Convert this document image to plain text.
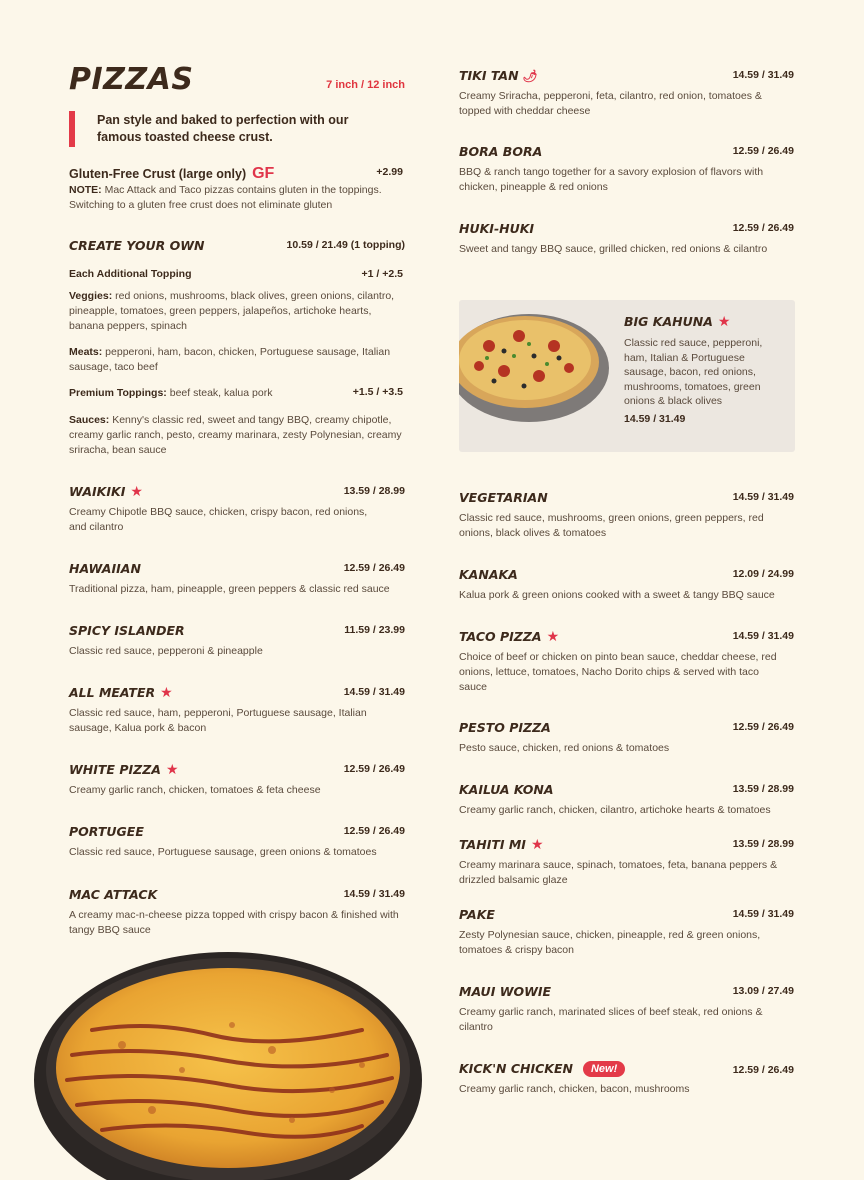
PIZZAS	7 inch / 12 inch
Pan style and baked to perfection with our famous toasted cheese crust.
Gluten-Free Crust (large only) GF	+2.99
NOTE: Mac Attack and Taco pizzas contains gluten in the toppings. Switching to a gluten free crust does not eliminate gluten
CREATE YOUR OWN	10.59 / 21.49 (1 topping)
Each Additional Topping	+1 / +2.5
Veggies: red onions, mushrooms, black olives, green onions, cilantro, pineapple, tomatoes, green peppers, jalapeños, artichoke hearts, banana peppers, spinach
Meats: pepperoni, ham, bacon, chicken, Portuguese sausage, Italian sausage, taco beef
Premium Toppings: beef steak, kalua pork	+1.5 / +3.5
Sauces: Kenny's classic red, sweet and tangy BBQ, creamy chipotle, creamy garlic ranch, pesto, creamy marinara, zesty Polynesian, creamy sriracha, bean sauce
WAIKIKI ★	13.59 / 28.99
Creamy Chipotle BBQ sauce, chicken, crispy bacon, red onions, and cilantro
HAWAIIAN	12.59 / 26.49
Traditional pizza, ham, pineapple, green peppers & classic red sauce
SPICY ISLANDER	11.59 / 23.99
Classic red sauce, pepperoni & pineapple
ALL MEATER ★	14.59 / 31.49
Classic red sauce, ham, pepperoni, Portuguese sausage, Italian sausage, Kalua pork & bacon
WHITE PIZZA ★	12.59 / 26.49
Creamy garlic ranch, chicken, tomatoes & feta cheese
PORTUGEE	12.59 / 26.49
Classic red sauce, Portuguese sausage, green onions & tomatoes
MAC ATTACK	14.59 / 31.49
A creamy mac-n-cheese pizza topped with crispy bacon & finished with tangy BBQ sauce
TIKI TAN 🌶	14.59 / 31.49
Creamy Sriracha, pepperoni, feta, cilantro, red onion, tomatoes & topped with cheddar cheese
BORA BORA	12.59 / 26.49
BBQ & ranch tango together for a savory explosion of flavors with chicken, pineapple & red onions
HUKI-HUKI	12.59 / 26.49
Sweet and tangy BBQ sauce, grilled chicken, red onions & cilantro
BIG KAHUNA ★
Classic red sauce, pepperoni, ham, Italian & Portuguese sausage, bacon, red onions, mushrooms, tomatoes, green onions & black olives
14.59 / 31.49
VEGETARIAN	14.59 / 31.49
Classic red sauce, mushrooms, green onions, green peppers, red onions, black olives & tomatoes
KANAKA	12.09 / 24.99
Kalua pork & green onions cooked with a sweet & tangy BBQ sauce
TACO PIZZA ★	14.59 / 31.49
Choice of beef or chicken on pinto bean sauce, cheddar cheese, red onions, lettuce, tomatoes, Nacho Dorito chips & served with taco sauce
PESTO PIZZA	12.59 / 26.49
Pesto sauce, chicken, red onions & tomatoes
KAILUA KONA	13.59 / 28.99
Creamy garlic ranch, chicken, cilantro, artichoke hearts & tomatoes
TAHITI MI ★	13.59 / 28.99
Creamy marinara sauce, spinach, tomatoes, feta, banana peppers & drizzled balsamic glaze
PAKE	14.59 / 31.49
Zesty Polynesian sauce, chicken, pineapple, red & green onions, tomatoes & crispy bacon
MAUI WOWIE	13.09 / 27.49
Creamy garlic ranch, marinated slices of beef steak, red onions & cilantro
KICK'N CHICKEN New!	12.59 / 26.49
Creamy garlic ranch, chicken, bacon, mushrooms
